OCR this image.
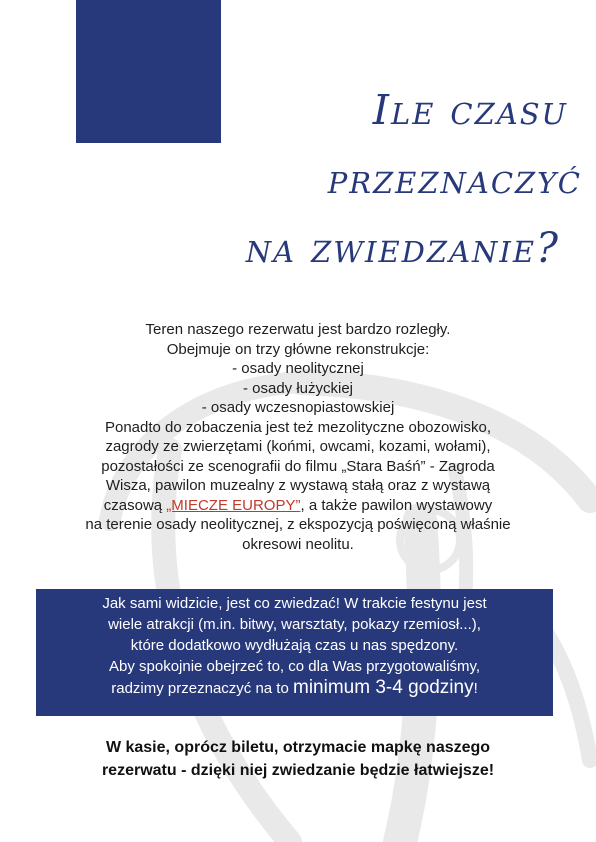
Ile czasu
przeznaczyć
na zwiedzanie?

Teren naszego rezerwatu jest bardzo rozległy.

Obejmuje on trzy główne rekonstrukcje:

- osady neolitycznej

- osady łużyckiej

- osady wczesnopiastowskiej

Ponadto do zobaczenia jest też mezolityczne obozowisko,

zagrody ze zwierzętami (końmi, owcami, kozami, wołami),

pozostałości ze scenografii do filmu „Stara Baśń” - Zagroda

Wisza, pawilon muzealny z wystawą stałą oraz z wystawą

czasową „MIECZE EUROPY”, a także pawilon wystawowy

na terenie osady neolitycznej, z ekspozycją poświęconą właśnie

okresowi neolitu.

Jak sami widzicie, jest co zwiedzać! W trakcie festynu jest

wiele atrakcji (m.in. bitwy, warsztaty, pokazy rzemiosł...),

które dodatkowo wydłużają czas u nas spędzony.

Aby spokojnie obejrzeć to, co dla Was przygotowaliśmy,

radzimy przeznaczyć na to minimum 3-4 godziny!

W kasie, oprócz biletu, otrzymacie mapkę naszego

rezerwatu - dzięki niej zwiedzanie będzie łatwiejsze!
